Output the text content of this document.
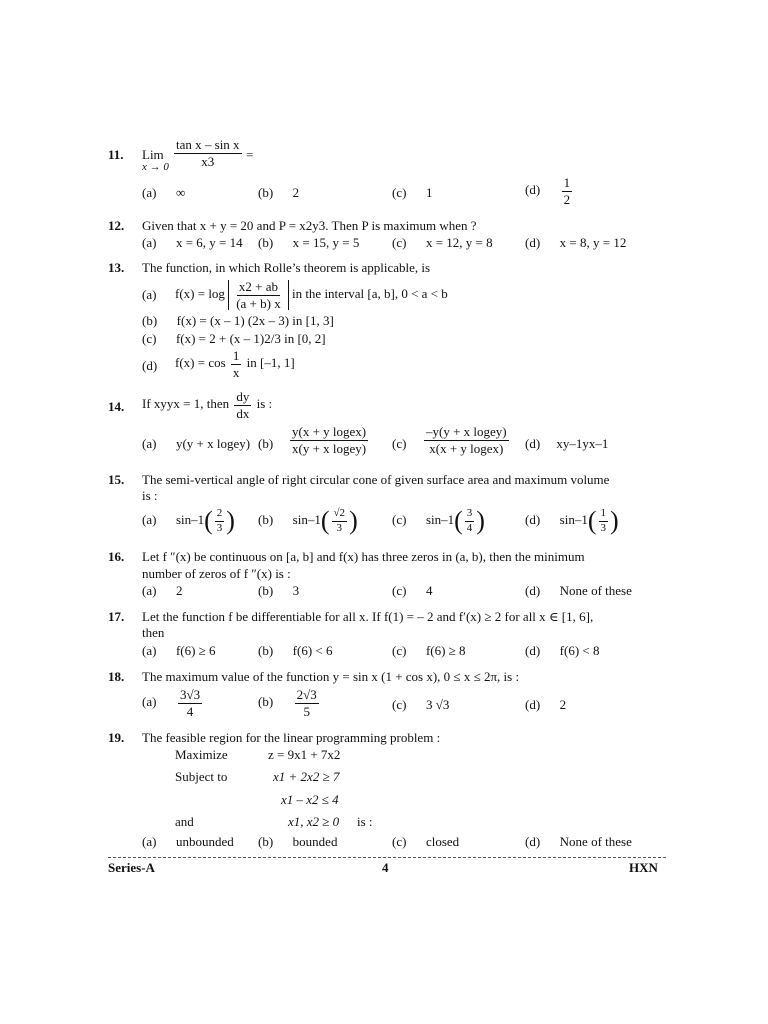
11. Lim
$x \to 0 \frac{\text{tan x – sin x}}{x3}$ =
(a) ∞	(b) 2	(c) 1	$(d) \frac{1}{2}$
12. Given that x + y = 20 and P = x2y3. Then P is maximum when ?
(a) x = 6, y = 14 (b) x = 15, y = 5	(c) x = 12, y = 8 (d) x = 8, y = 12
13. The function, in which Rolle’s theorem is applicable, is
(a) $f(x) = \log \frac{x2 + ab}{(a + b) x}$ in the interval [a, b], 0 < a < b
(b) f(x) = (x – 1) (2x – 3) in [1, 3]
(c) f(x) = 2 + (x – 1)2/3 in [0, 2]
(d) $f(x) = \cos \frac{1}{x}$ in [–1, 1]
14. If xyyx = 1, then $\frac{dy}{dx}$ is :
(a) y(y + x logey) $(b) \frac{\text{y(x + y logex)}}{\text{x(y + x logey)}} (c) \frac{\text{–y(y + x logey)}}{\text{x(x + y logex)}} (d)$ xy–1yx–1
15. The semi-vertical angle of right circular cone of given surface area and maximum volume
is :
(a) $\sin-1( \frac{2}{3}$ ) (b) $\sin-1( \frac{√2}{3}$ )	(c) $\sin-1( \frac{3}{4}$ )	(d) $\sin-1( \frac{1}{3}$ )
16. Let f ″(x) be continuous on [a, b] and f(x) has three zeros in (a, b), then the minimum
number of zeros of f ″(x) is :
(a) 2	(b) 3	(c) 4	(d) None of these
17. Let the function f be differentiable for all x. If f(1) = – 2 and f′(x) ≥ 2 for all x ∈ [1, 6],
then
(a) f(6) ≥ 6	(b) f(6) < 6	(c) f(6) ≥ 8	(d) f(6) < 8
18. The maximum value of the function y = sin x (1 + cos x), 0 ≤ x ≤ 2π, is :
$(a) \frac{3√3}{4}$	$(b) \frac{2√3}{5}$	(c) 3 √3	(d) 2
19. The feasible region for the linear programming problem :
Maximize	z = 9x1 + 7x2
Subject to	x1 + 2x2 ≥ 7
x1 – x2 ≤ 4
and	x1, x2 ≥ 0 is :
(a) unbounded (b) bounded	(c) closed	(d) None of these
Series-A	4	HXN
